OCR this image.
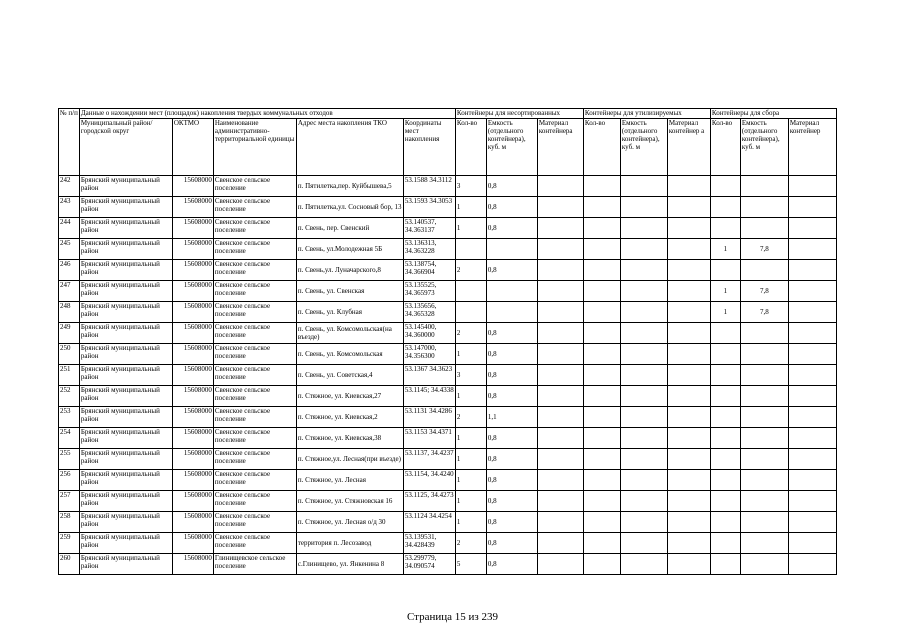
№ п/п	Данные о нахождении мест (площадок) накопления твердых коммунальных отходов					Контейнеры для несортированных			Контейнеры для утилизируемых			Контейнеры для сбора		
	Муниципальный район/городской округ	ОКТМО	Наименование административно-территориальной единицы	Адрес места накопления ТКО	Координаты мест накопления	Кол-во	Емкость (отдельного контейнера), куб. м	Материал контейнера	Кол-во	Емкость (отдельного контейнера), куб. м	Материал контейнер а	Кол-во	Емкость (отдельного контейнера), куб. м	Материал контейнер
242	Брянский муниципальный район	15608000	Свенское сельское поселение	п. Пятилетка,пер. Куйбышева,5	53.1588 34.3112	3	0,8							
243	Брянский муниципальный район	15608000	Свенское сельское поселение	п. Пятилетка,ул. Сосновый бор, 13	53.1593 34.3053	1	0,8							
244	Брянский муниципальный район	15608000	Свенское сельское поселение	п. Свень, пер. Свенский	53.140537, 34.363137	1	0,8							
245	Брянский муниципальный район	15608000	Свенское сельское поселение	п. Свень, ул.Молодежная 5Б	53.136313, 34.363228							1	7,8	
246	Брянский муниципальный район	15608000	Свенское сельское поселение	п. Свень,ул. Луначарского,8	53.138754, 34.366904	2	0,8							
247	Брянский муниципальный район	15608000	Свенское сельское поселение	п. Свень, ул. Свенская	53.135525, 34.365973							1	7,8	
248	Брянский муниципальный район	15608000	Свенское сельское поселение	п. Свень, ул. Клубная	53.135656, 34.365328							1	7,8	
249	Брянский муниципальный район	15608000	Свенское сельское поселение	п. Свень, ул. Комсомольская(на въезде)	53.145400, 34.360000	2	0,8							
250	Брянский муниципальный район	15608000	Свенское сельское поселение	п. Свень, ул. Комсомольская	53.147000, 34.356300	1	0,8							
251	Брянский муниципальный район	15608000	Свенское сельское поселение	п. Свень, ул. Советская,4	53.1367 34.3623	3	0,8							
252	Брянский муниципальный район	15608000	Свенское сельское поселение	п. Стяжное, ул. Киевская,27	53.1145; 34.4338	1	0,8							
253	Брянский муниципальный район	15608000	Свенское сельское поселение	п. Стяжное, ул. Киевская,2	53.1131 34.4286	2	1,1							
254	Брянский муниципальный район	15608000	Свенское сельское поселение	п. Стяжное, ул. Киевская,38	53.1153 34.4371	1	0,8							
255	Брянский муниципальный район	15608000	Свенское сельское поселение	п. Стяжное,ул. Лесная(при въезде)	53.1137, 34.4237	1	0,8							
256	Брянский муниципальный район	15608000	Свенское сельское поселение	п. Стяжное, ул. Лесная	53.1154, 34.4240	1	0,8							
257	Брянский муниципальный район	15608000	Свенское сельское поселение	п. Стяжное, ул. Стяжновская 16	53.1125, 34.4273	1	0,8							
258	Брянский муниципальный район	15608000	Свенское сельское поселение	п. Стяжное, ул. Лесная о/д 30	53.1124 34.4254	1	0,8							
259	Брянский муниципальный район	15608000	Свенское сельское поселение	территория п. Лесозавод	53.139531, 34.428439	2	0,8							
260	Брянский муниципальный район	15608000	Глинищевское сельское поселение	с.Глинищево, ул. Янкенина 8	53.299779, 34.090574	5	0,8							
Страница 15 из 239
